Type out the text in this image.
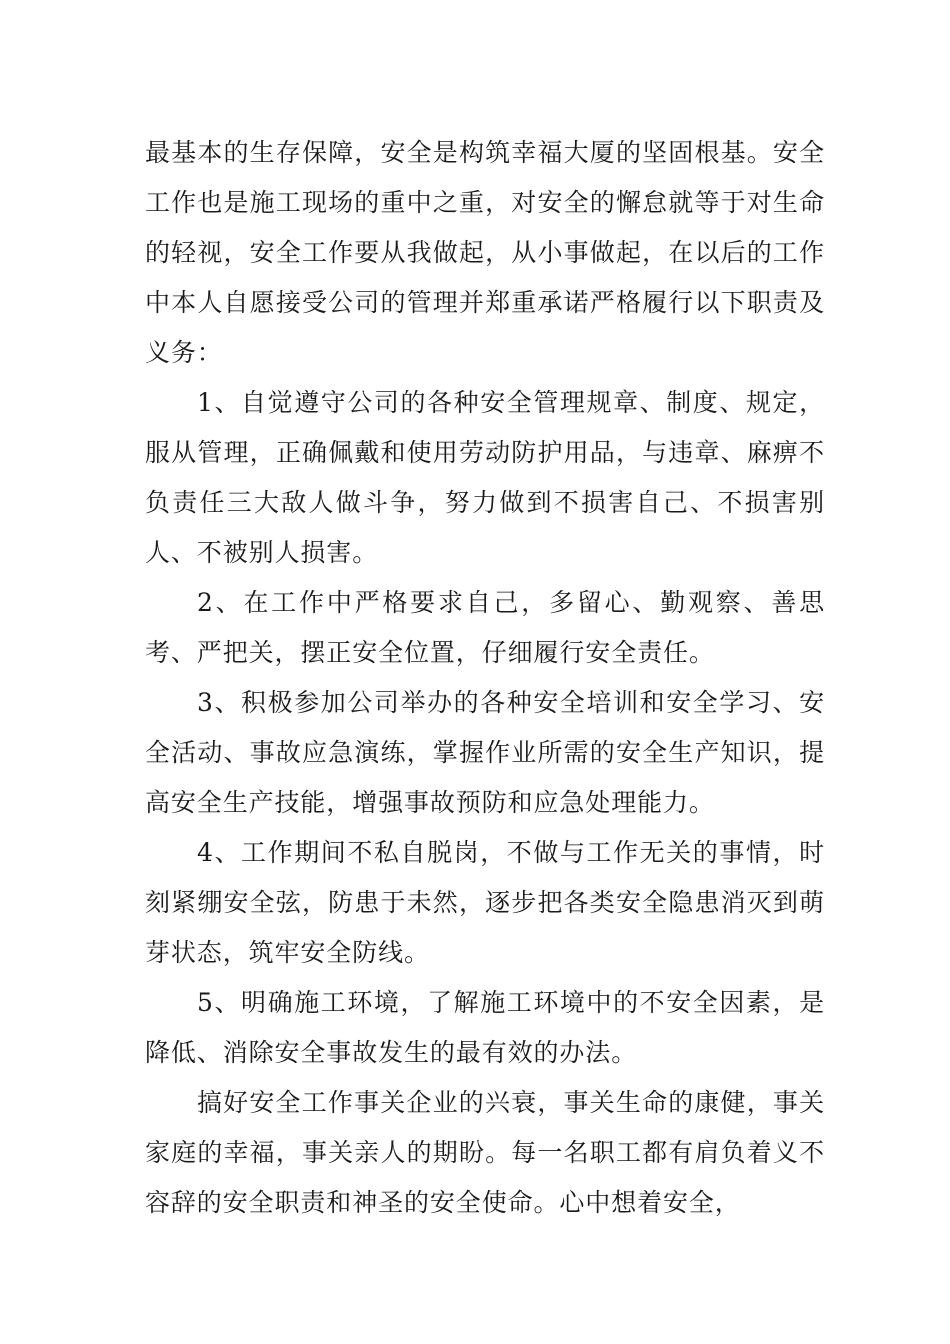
最基本的生存保障，安全是构筑幸福大厦的坚固根基。安全工作也是施工现场的重中之重，对安全的懈怠就等于对生命的轻视，安全工作要从我做起，从小事做起，在以后的工作中本人自愿接受公司的管理并郑重承诺严格履行以下职责及义务：

1、自觉遵守公司的各种安全管理规章、制度、规定，服从管理，正确佩戴和使用劳动防护用品，与违章、麻痹不负责任三大敌人做斗争，努力做到不损害自己、不损害别人、不被别人损害。

2、在工作中严格要求自己，多留心、勤观察、善思考、严把关，摆正安全位置，仔细履行安全责任。

3、积极参加公司举办的各种安全培训和安全学习、安全活动、事故应急演练，掌握作业所需的安全生产知识，提高安全生产技能，增强事故预防和应急处理能力。

4、工作期间不私自脱岗，不做与工作无关的事情，时刻紧绷安全弦，防患于未然，逐步把各类安全隐患消灭到萌芽状态，筑牢安全防线。

5、明确施工环境，了解施工环境中的不安全因素，是降低、消除安全事故发生的最有效的办法。

搞好安全工作事关企业的兴衰，事关生命的康健，事关家庭的幸福，事关亲人的期盼。每一名职工都有肩负着义不容辞的安全职责和神圣的安全使命。心中想着安全，
